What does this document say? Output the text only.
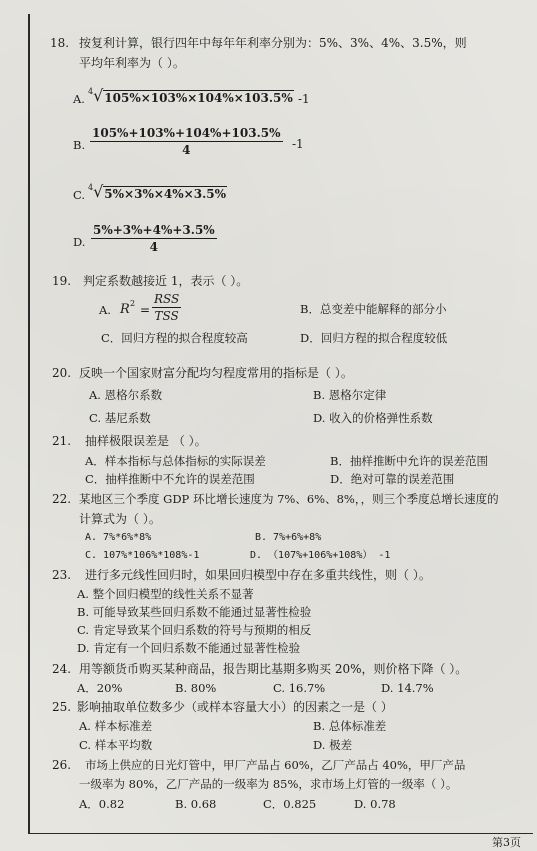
18. 按复利计算，银行四年中每年年利率分别为：5%、3%、4%、3.5%，则
平均年利率为（ ）。
A.
4 √ 105%×103%×104%×103.5% -1
B. $\frac{105\%+103\%+104\%+103.5\%}{4} -1$
C.
4 √ 5%×3%×4%×3.5%
D. $\frac{5\%+3\%+4\%+3.5\%}{4}$
19. 判定系数越接近 1，表示（ ）。
A. R 2 =
RSS
TSS	B．总变差中能解释的部分小
C．回归方程的拟合程度较高	D．回归方程的拟合程度较低
20. 反映一个国家财富分配均匀程度常用的指标是（ ）。
A. 恩格尔系数	B. 恩格尔定律
C. 基尼系数	D. 收入的价格弹性系数
21. 抽样极限误差是 （ ）。
A．样本指标与总体指标的实际误差	B．抽样推断中允许的误差范围
C．抽样推断中不允许的误差范围	D．绝对可靠的误差范围
22. 某地区三个季度 GDP 环比增长速度为 7%、6%、8%，，则三个季度总增长速度的
计算式为（ ）。
A. 7%*6%*8%	B. 7%+6%+8%
C. 107%*106%*108%-1	D. （107%+106%+108%） -1
23. 进行多元线性回归时，如果回归模型中存在多重共线性，则（ ）。
A. 整个回归模型的线性关系不显著
B. 可能导致某些回归系数不能通过显著性检验
C. 肯定导致某个回归系数的符号与预期的相反
D. 肯定有一个回归系数不能通过显著性检验
24. 用等额货币购买某种商品，报告期比基期多购买 20%，则价格下降（ ）。
A．20%	B. 80%	C. 16.7%	D. 14.7%
25. 影响抽取单位数多少（或样本容量大小）的因素之一是（ ）
A. 样本标准差	B. 总体标准差
C. 样本平均数	D. 极差
26. 市场上供应的日光灯管中，甲厂产品占 60%，乙厂产品占 40%，甲厂产品
一级率为 80%，乙厂产品的一级率为 85%，求市场上灯管的一级率（ ）。
A．0.82	B. 0.68	C．0.825	D. 0.78
第3页
